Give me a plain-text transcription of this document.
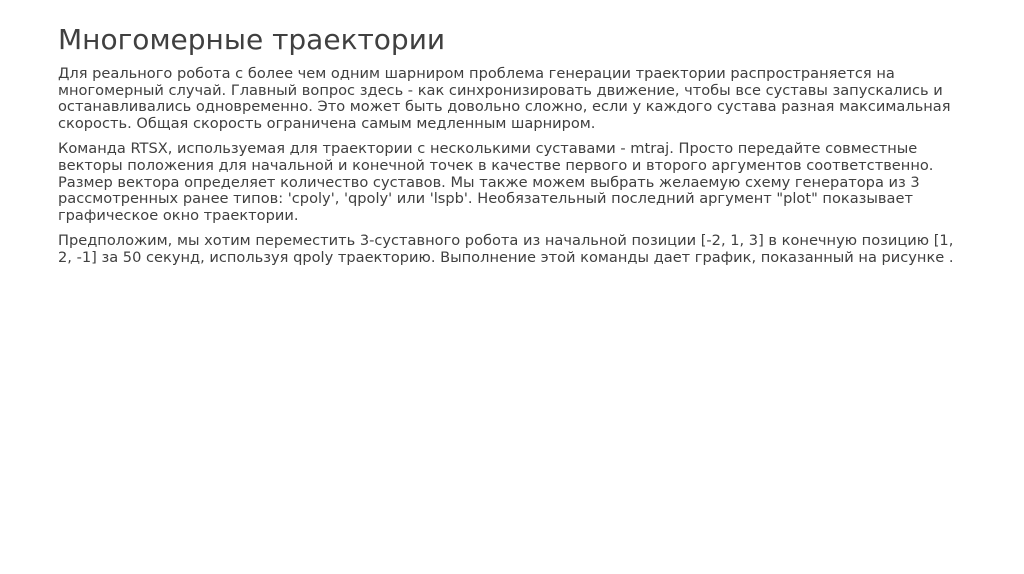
Многомерные траектории

Для реального робота с более чем одним шарниром проблема генерации траектории распространяется на многомерный случай. Главный вопрос здесь - как синхронизировать движение, чтобы все суставы запускались и останавливались одновременно. Это может быть довольно сложно, если у каждого сустава разная максимальная скорость. Общая скорость ограничена самым медленным шарниром.

Команда RTSX, используемая для траектории с несколькими суставами - mtraj. Просто передайте совместные векторы положения для начальной и конечной точек в качестве первого и второго аргументов соответственно. Размер вектора определяет количество суставов. Мы также можем выбрать желаемую схему генератора из 3 рассмотренных ранее типов: 'cpoly', 'qpoly' или 'lspb'. Необязательный последний аргумент "plot" показывает графическое окно траектории.

Предположим, мы хотим переместить 3-суставного робота из начальной позиции [-2, 1, 3] в конечную позицию [1, 2, -1] за 50 секунд, используя qpoly траекторию. Выполнение этой команды дает график, показанный на рисунке .
